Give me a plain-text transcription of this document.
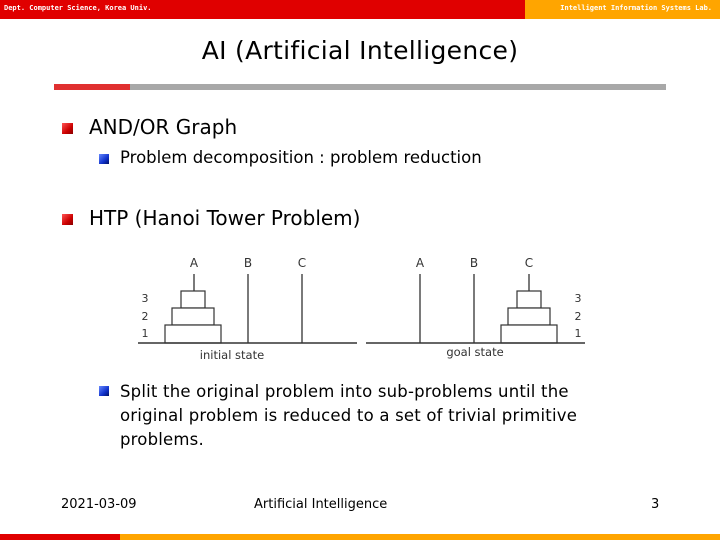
Dept. Computer Science, Korea Univ.	Intelligent Information Systems Lab.
AI (Artificial Intelligence)
AND/OR Graph
Problem decomposition : problem reduction
HTP (Hanoi Tower Problem)
A	B	C
3
2
1
initial state
A	B	C
3
2
1
goal state
Split the original problem into sub-problems until the original problem is reduced to a set of trivial primitive problems.
2021-03-09	Artificial Intelligence	3
